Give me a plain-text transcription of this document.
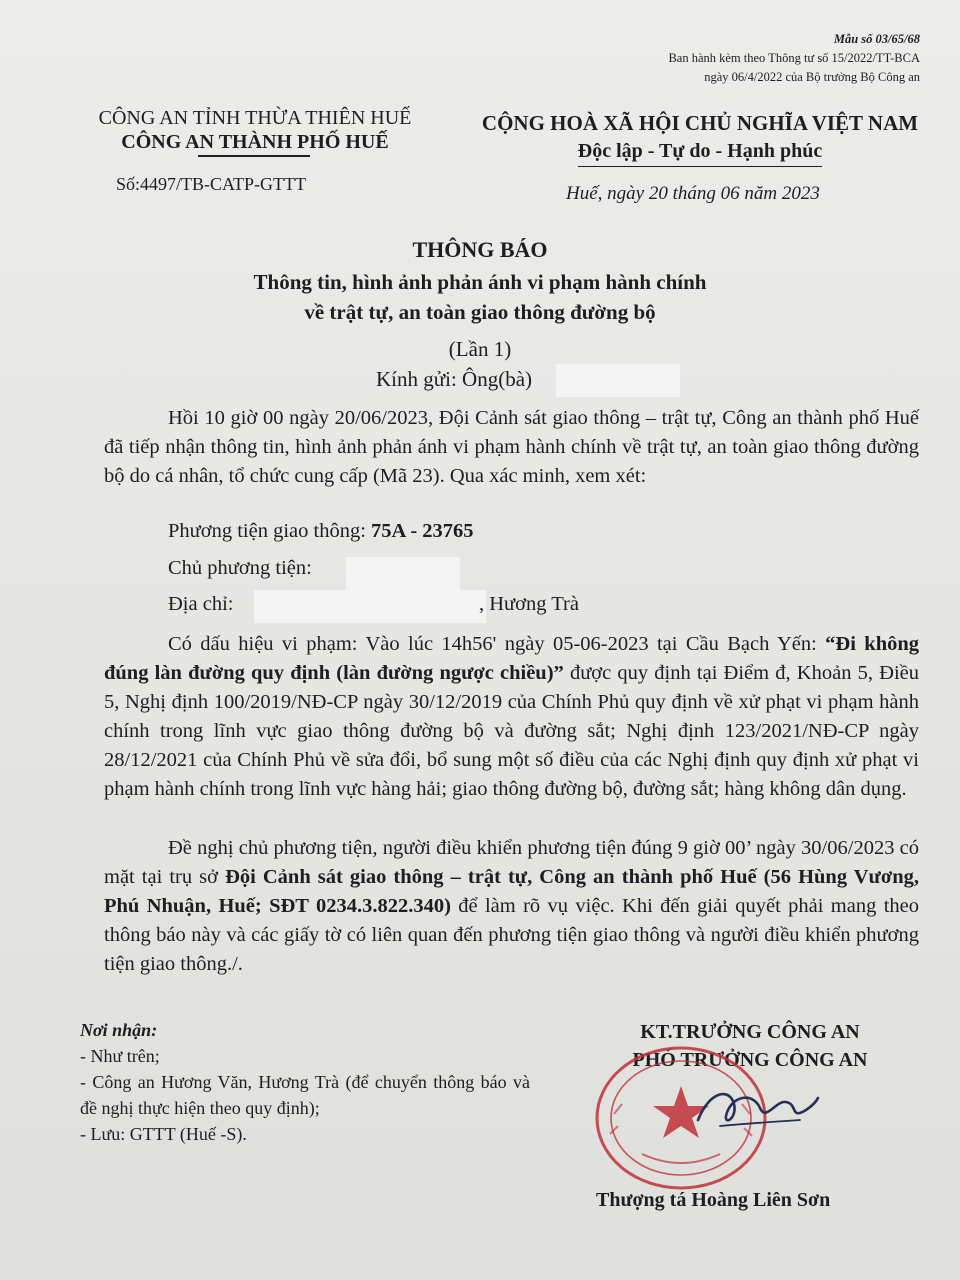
Mẫu số 03/65/68
Ban hành kèm theo Thông tư số 15/2022/TT-BCA
ngày 06/4/2022 của Bộ trưởng Bộ Công an
CÔNG AN TỈNH THỪA THIÊN HUẾ
CÔNG AN THÀNH PHỐ HUẾ
CỘNG HOÀ XÃ HỘI CHỦ NGHĨA VIỆT NAM
Độc lập - Tự do - Hạnh phúc
Số:4497/TB-CATP-GTTT	Huế, ngày 20 tháng 06 năm 2023
THÔNG BÁO
Thông tin, hình ảnh phản ánh vi phạm hành chính
về trật tự, an toàn giao thông đường bộ
(Lần 1)
Kính gửi: Ông(bà)
Hồi 10 giờ 00 ngày 20/06/2023, Đội Cảnh sát giao thông – trật tự, Công an thành phố Huế đã tiếp nhận thông tin, hình ảnh phản ánh vi phạm hành chính về trật tự, an toàn giao thông đường bộ do cá nhân, tổ chức cung cấp (Mã 23). Qua xác minh, xem xét:
Phương tiện giao thông: 75A - 23765
Chủ phương tiện:
Địa chỉ:	, Hương Trà
Có dấu hiệu vi phạm: Vào lúc 14h56' ngày 05-06-2023 tại Cầu Bạch Yến: “Đi không đúng làn đường quy định (làn đường ngược chiều)” được quy định tại Điểm đ, Khoản 5, Điều 5, Nghị định 100/2019/NĐ-CP ngày 30/12/2019 của Chính Phủ quy định về xử phạt vi phạm hành chính trong lĩnh vực giao thông đường bộ và đường sắt; Nghị định 123/2021/NĐ-CP ngày 28/12/2021 của Chính Phủ về sửa đổi, bổ sung một số điều của các Nghị định quy định xử phạt vi phạm hành chính trong lĩnh vực hàng hải; giao thông đường bộ, đường sắt; hàng không dân dụng.
Đề nghị chủ phương tiện, người điều khiển phương tiện đúng 9 giờ 00’ ngày 30/06/2023 có mặt tại trụ sở Đội Cảnh sát giao thông – trật tự, Công an thành phố Huế (56 Hùng Vương, Phú Nhuận, Huế; SĐT 0234.3.822.340) để làm rõ vụ việc. Khi đến giải quyết phải mang theo thông báo này và các giấy tờ có liên quan đến phương tiện giao thông và người điều khiển phương tiện giao thông./.
Nơi nhận:
- Như trên;
- Công an Hương Văn, Hương Trà (để chuyển thông báo và đề nghị thực hiện theo quy định);
- Lưu: GTTT (Huế -S).
KT.TRƯỞNG CÔNG AN
PHÓ TRƯỞNG CÔNG AN
Thượng tá Hoàng Liên Sơn
